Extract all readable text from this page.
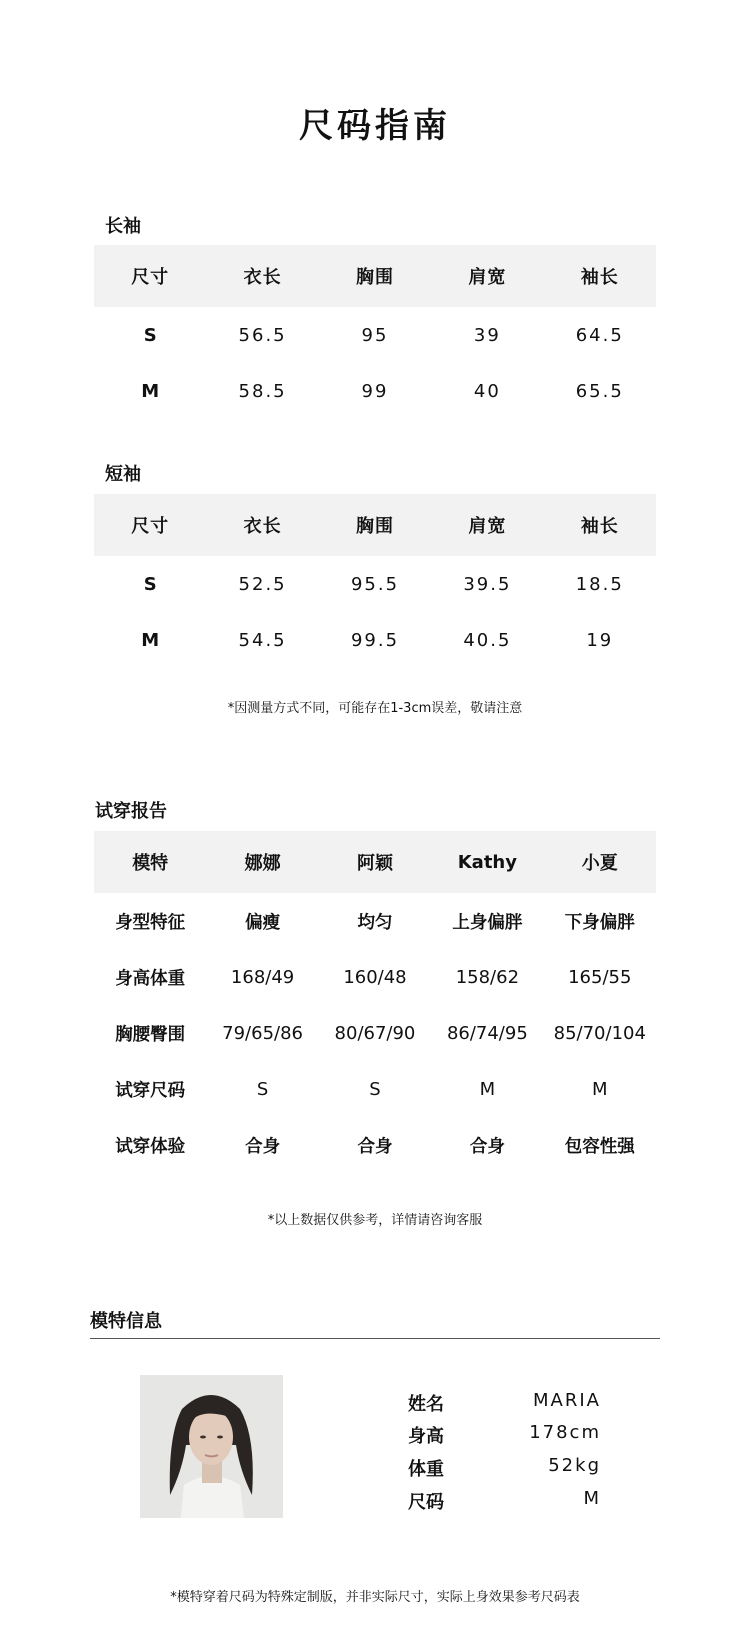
尺码指南
长袖
尺寸	衣长	胸围	肩宽	袖长
S	56.5	95	39	64.5
M	58.5	99	40	65.5
短袖
尺寸	衣长	胸围	肩宽	袖长
S	52.5	95.5	39.5	18.5
M	54.5	99.5	40.5	19
*因测量方式不同，可能存在1-3cm误差，敬请注意
试穿报告
模特	娜娜	阿颖	Kathy	小夏
身型特征	偏瘦	均匀	上身偏胖	下身偏胖
身高体重	168/49	160/48	158/62	165/55
胸腰臀围	79/65/86	80/67/90	86/74/95	85/70/104
试穿尺码	S	S	M	M
试穿体验	合身	合身	合身	包容性强
*以上数据仅供参考，详情请咨询客服
模特信息
姓名	MARIA
身高	178cm
体重	52kg
尺码	M
*模特穿着尺码为特殊定制版，并非实际尺寸，实际上身效果参考尺码表
